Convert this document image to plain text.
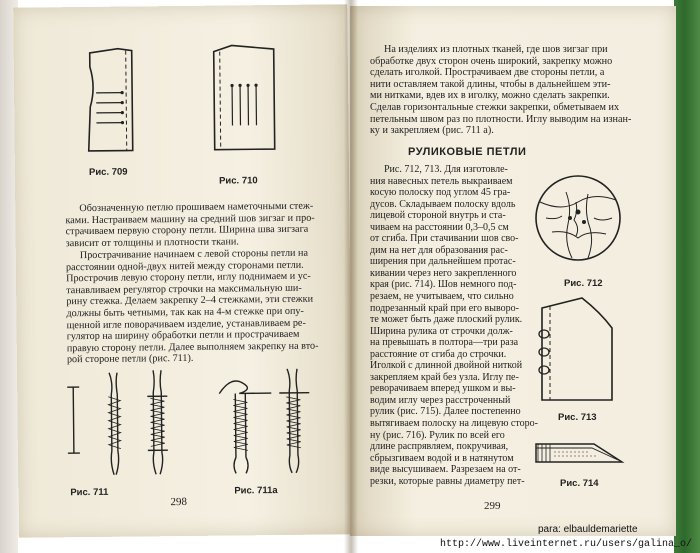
Рис. 709
Рис. 710
Обозначенную петлю прошиваем наметочными стеж-
ками. Настраиваем машину на средний шов зигзаг и про-
страчиваем первую сторону петли. Ширина шва зигзага
зависит от толщины и плотности ткани.
Прострачивание начинаем с левой стороны петли на
расстоянии одной-двух нитей между сторонами петли.
Прострочив левую сторону петли, иглу поднимаем и ус-
танавливаем регулятор строчки на максимальную ши-
рину стежка. Делаем закрепку 2–4 стежками, эти стежки
должны быть четными, так как на 4-м стежке при опу-
щенной игле поворачиваем изделие, устанавливаем ре-
гулятор на ширину обработки петли и прострачиваем
правую сторону петли. Далее выполняем закрепку на вто-
рой стороне петли (рис. 711).
Рис. 711	Рис. 711а
298
На изделиях из плотных тканей, где шов зигзаг при
обработке двух сторон очень широкий, закрепку можно
сделать иголкой. Прострачиваем две стороны петли, а
нити оставляем такой длины, чтобы в дальнейшем эти-
ми нитками, вдев их в иголку, можно сделать закрепки.
Сделав горизонтальные стежки закрепки, обметываем их
петельным швом раз по плотности. Иглу выводим на изнан-
ку и закрепляем (рис. 711 а).
РУЛИКОВЫЕ ПЕТЛИ
Рис. 712, 713. Для изготовле-
ния навесных петель выкраиваем
косую полоску под углом 45 гра-
дусов. Складываем полоску вдоль
лицевой стороной внутрь и ста-
чиваем на расстоянии 0,3–0,5 см
от сгиба. При стачивании шов сво-
дим на нет для образования рас-
ширения при дальнейшем протас-
кивании через него закрепленного
края (рис. 714). Шов немного под-
резаем, не учитываем, что сильно
подрезанный край при его выворо-
те может быть даже плоский рулик.
Ширина рулика от строчки долж-
на превышать в полтора—три раза
расстояние от сгиба до строчки.
Иголкой с длинной двойной ниткой
закрепляем край без узла. Иглу пе-
реворачиваем вперед ушком и вы-
водим иглу через расстроченный
рулик (рис. 715). Далее постепенно
вытягиваем полоску на лицевую сторо-
ну (рис. 716). Рулик по всей его
длине распрявляем, покручивая,
сбрызгиваем водой и в натянутом
виде высушиваем. Разрезаем на от-
резки, которые равны диаметру пет-
Рис. 712
Рис. 713
Рис. 714
299
para: elbauldemariette
http://www.liveinternet.ru/users/galina_o/
